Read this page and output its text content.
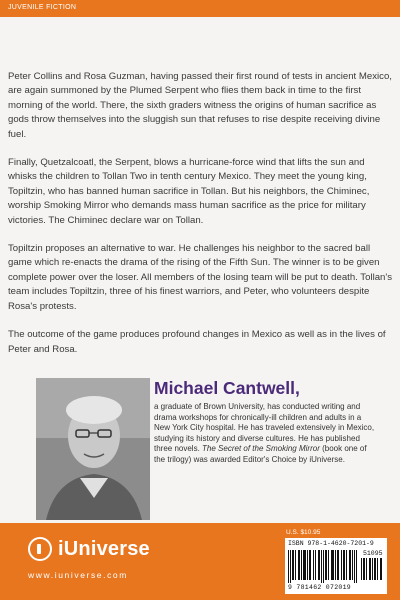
JUVENILE FICTION

Peter Collins and Rosa Guzman, having passed their first round of tests in ancient Mexico, are again summoned by the Plumed Serpent who flies them back in time to the first morning of the world. There, the sixth graders witness the origins of human sacrifice as gods throw themselves into the sluggish sun that refuses to rise despite receiving divine fuel.

Finally, Quetzalcoatl, the Serpent, blows a hurricane-force wind that lifts the sun and whisks the children to Tollan Two in tenth century Mexico. They meet the young king, Topiltzin, who has banned human sacrifice in Tollan. But his neighbors, the Chiminec, worship Smoking Mirror who demands mass human sacrifice as the price for military victories. The Chiminec declare war on Tollan.

Topiltzin proposes an alternative to war. He challenges his neighbor to the sacred ball game which re-enacts the drama of the rising of the Fifth Sun. The winner is to be given complete power over the loser. All members of the losing team will be put to death. Tollan's team includes Topiltzin, three of his finest warriors, and Peter, who volunteers despite Rosa's protests.

The outcome of the game produces profound changes in Mexico as well as in the lives of Peter and Rosa.

Michael Cantwell,

a graduate of Brown University, has conducted writing and drama workshops for chronically-ill children and adults in a New York City hospital. He has traveled extensively in Mexico, studying its history and diverse cultures. He has published three novels. The Secret of the Smoking Mirror (book one of the trilogy) was awarded Editor's Choice by iUniverse.

iUniverse
www.iuniverse.com
U.S. $10.95
ISBN 978-1-4620-7201-9
51095
9 781462 072019
